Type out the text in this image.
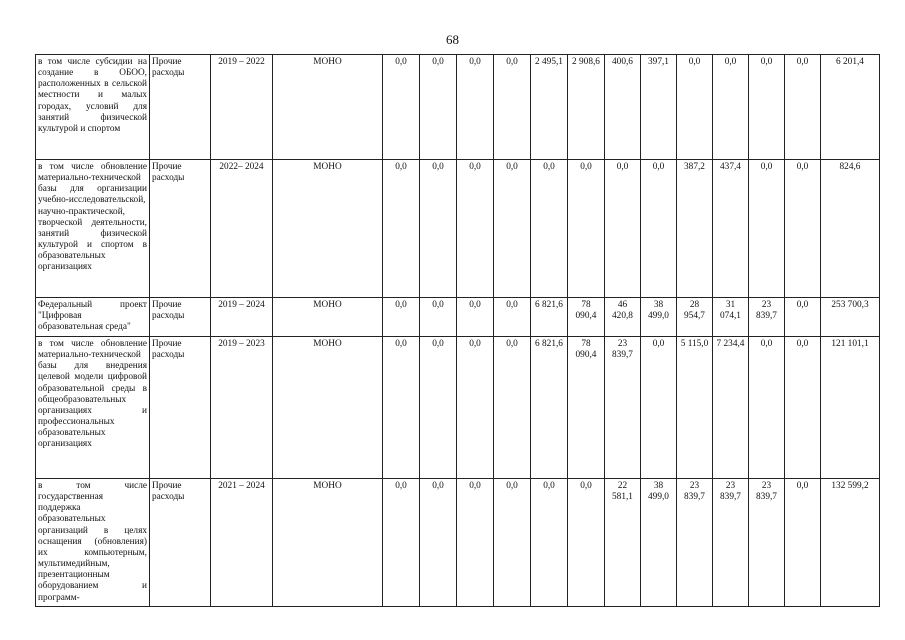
68
в том числе субсидии на создание в ОБОО, расположенных в сельской местности и малых городах, условий для занятий физической культурой и спортом	Прочие расходы	2019 – 2022	МОНО	0,0	0,0	0,0	0,0	2 495,1	2 908,6	400,6	397,1	0,0	0,0	0,0	0,0	6 201,4
в том числе обновление материально-технической базы для организации учебно-исследовательской, научно-практической, творческой деятельности, занятий физической культурой и спортом в образовательных организациях	Прочие расходы	2022– 2024	МОНО	0,0	0,0	0,0	0,0	0,0	0,0	0,0	0,0	387,2	437,4	0,0	0,0	824,6
Федеральный проект "Цифровая образовательная среда"	Прочие расходы	2019 – 2024	МОНО	0,0	0,0	0,0	0,0	6 821,6	78 090,4	46 420,8	38 499,0	28 954,7	31 074,1	23 839,7	0,0	253 700,3
в том числе обновление материально-технической базы для внедрения целевой модели цифровой образовательной среды в общеобразовательных организациях и профессиональных образовательных организациях	Прочие расходы	2019 – 2023	МОНО	0,0	0,0	0,0	0,0	6 821,6	78 090,4	23 839,7	0,0	5 115,0	7 234,4	0,0	0,0	121 101,1
в том числе государственная поддержка образовательных организаций в целях оснащения (обновления) их компьютерным, мультимедийным, презентационным оборудованием и программ-	Прочие расходы	2021 – 2024	МОНО	0,0	0,0	0,0	0,0	0,0	0,0	22 581,1	38 499,0	23 839,7	23 839,7	23 839,7	0,0	132 599,2
